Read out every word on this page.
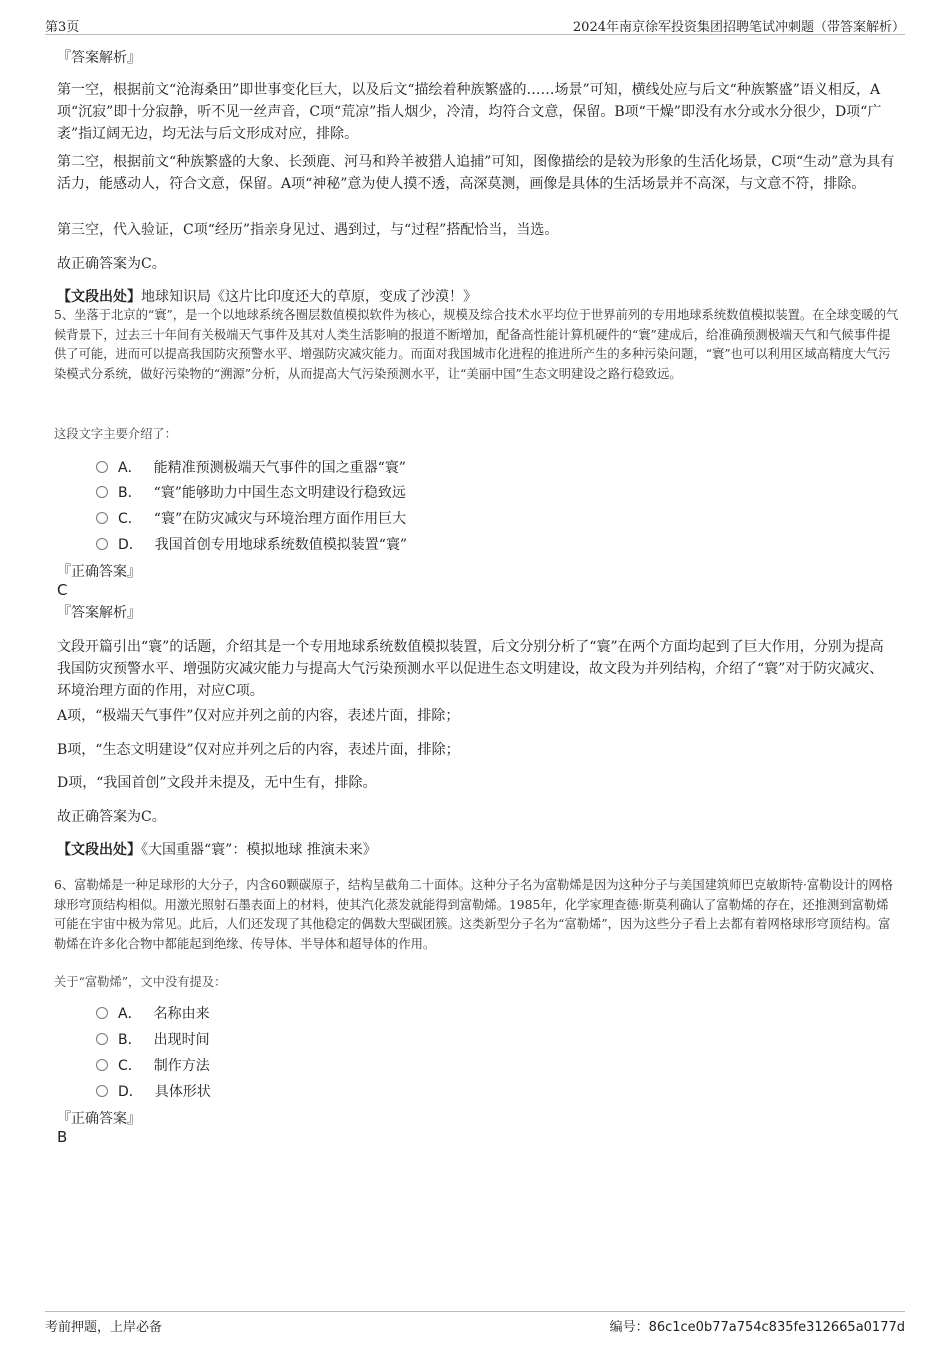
第3页	2024年南京徐军投资集团招聘笔试冲刺题（带答案解析）
『答案解析』
第一空，根据前文“沧海桑田”即世事变化巨大，以及后文“描绘着种族繁盛的……场景”可知，横线处应与后文“种族繁盛”语义相反，A项“沉寂”即十分寂静，听不见一丝声音，C项“荒凉”指人烟少，冷清，均符合文意，保留。B项“干燥”即没有水分或水分很少，D项“广袤”指辽阔无边，均无法与后文形成对应，排除。
第二空，根据前文“种族繁盛的大象、长颈鹿、河马和羚羊被猎人追捕”可知，图像描绘的是较为形象的生活化场景，C项“生动”意为具有活力，能感动人，符合文意，保留。A项“神秘”意为使人摸不透，高深莫测，画像是具体的生活场景并不高深，与文意不符，排除。
第三空，代入验证，C项“经历”指亲身见过、遇到过，与“过程”搭配恰当，当选。
故正确答案为C。
【文段出处】地球知识局《这片比印度还大的草原，变成了沙漠！》
5、坐落于北京的“寰”，是一个以地球系统各圈层数值模拟软件为核心，规模及综合技术水平均位于世界前列的专用地球系统数值模拟装置。在全球变暖的气候背景下，过去三十年间有关极端天气事件及其对人类生活影响的报道不断增加，配备高性能计算机硬件的“寰”建成后，给准确预测极端天气和气候事件提供了可能，进而可以提高我国防灾预警水平、增强防灾减灾能力。而面对我国城市化进程的推进所产生的多种污染问题，“寰”也可以利用区域高精度大气污染模式分系统，做好污染物的“溯源”分析，从而提高大气污染预测水平，让“美丽中国”生态文明建设之路行稳致远。
这段文字主要介绍了：
A． 能精准预测极端天气事件的国之重器“寰”
B． “寰”能够助力中国生态文明建设行稳致远
C． “寰”在防灾减灾与环境治理方面作用巨大
D． 我国首创专用地球系统数值模拟装置“寰”
『正确答案』
C
『答案解析』
文段开篇引出“寰”的话题，介绍其是一个专用地球系统数值模拟装置，后文分别分析了“寰”在两个方面均起到了巨大作用，分别为提高我国防灾预警水平、增强防灾减灾能力与提高大气污染预测水平以促进生态文明建设，故文段为并列结构，介绍了“寰”对于防灾减灾、环境治理方面的作用，对应C项。
A项，“极端天气事件”仅对应并列之前的内容，表述片面，排除；
B项，“生态文明建设”仅对应并列之后的内容，表述片面，排除；
D项，“我国首创”文段并未提及，无中生有，排除。
故正确答案为C。
【文段出处】《大国重器“寰”：模拟地球 推演未来》
6、富勒烯是一种足球形的大分子，内含60颗碳原子，结构呈截角二十面体。这种分子名为富勒烯是因为这种分子与美国建筑师巴克敏斯特·富勒设计的网格球形穹顶结构相似。用激光照射石墨表面上的材料，使其汽化蒸发就能得到富勒烯。1985年，化学家理查德·斯莫利确认了富勒烯的存在，还推测到富勒烯可能在宇宙中极为常见。此后，人们还发现了其他稳定的偶数大型碳团簇。这类新型分子名为“富勒烯”，因为这些分子看上去都有着网格球形穹顶结构。富勒烯在许多化合物中都能起到绝缘、传导体、半导体和超导体的作用。
关于“富勒烯”，文中没有提及：
A． 名称由来
B． 出现时间
C． 制作方法
D． 具体形状
『正确答案』
B
考前押题，上岸必备	编号：86c1ce0b77a754c835fe312665a0177d
